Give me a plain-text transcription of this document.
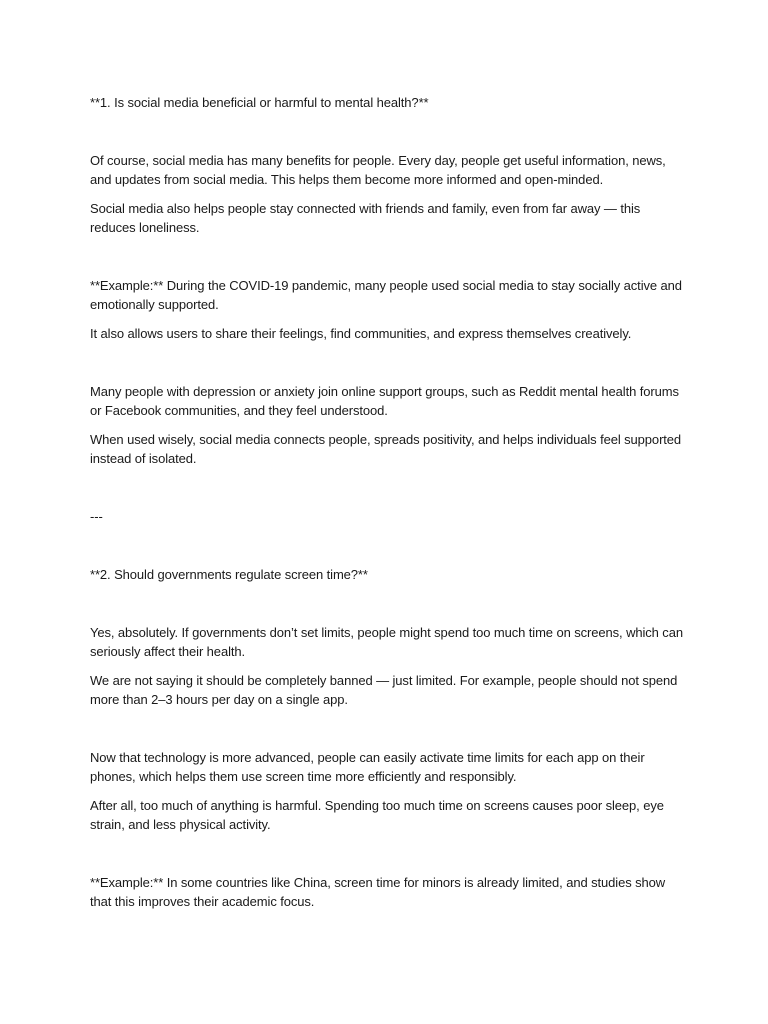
**1. Is social media beneficial or harmful to mental health?**
Of course, social media has many benefits for people. Every day, people get useful information, news, and updates from social media. This helps them become more informed and open-minded.
Social media also helps people stay connected with friends and family, even from far away — this reduces loneliness.
**Example:** During the COVID-19 pandemic, many people used social media to stay socially active and emotionally supported.
It also allows users to share their feelings, find communities, and express themselves creatively.
Many people with depression or anxiety join online support groups, such as Reddit mental health forums or Facebook communities, and they feel understood.
When used wisely, social media connects people, spreads positivity, and helps individuals feel supported instead of isolated.
---
**2. Should governments regulate screen time?**
Yes, absolutely. If governments don’t set limits, people might spend too much time on screens, which can seriously affect their health.
We are not saying it should be completely banned — just limited. For example, people should not spend more than 2–3 hours per day on a single app.
Now that technology is more advanced, people can easily activate time limits for each app on their phones, which helps them use screen time more efficiently and responsibly.
After all, too much of anything is harmful. Spending too much time on screens causes poor sleep, eye strain, and less physical activity.
**Example:** In some countries like China, screen time for minors is already limited, and studies show that this improves their academic focus.
